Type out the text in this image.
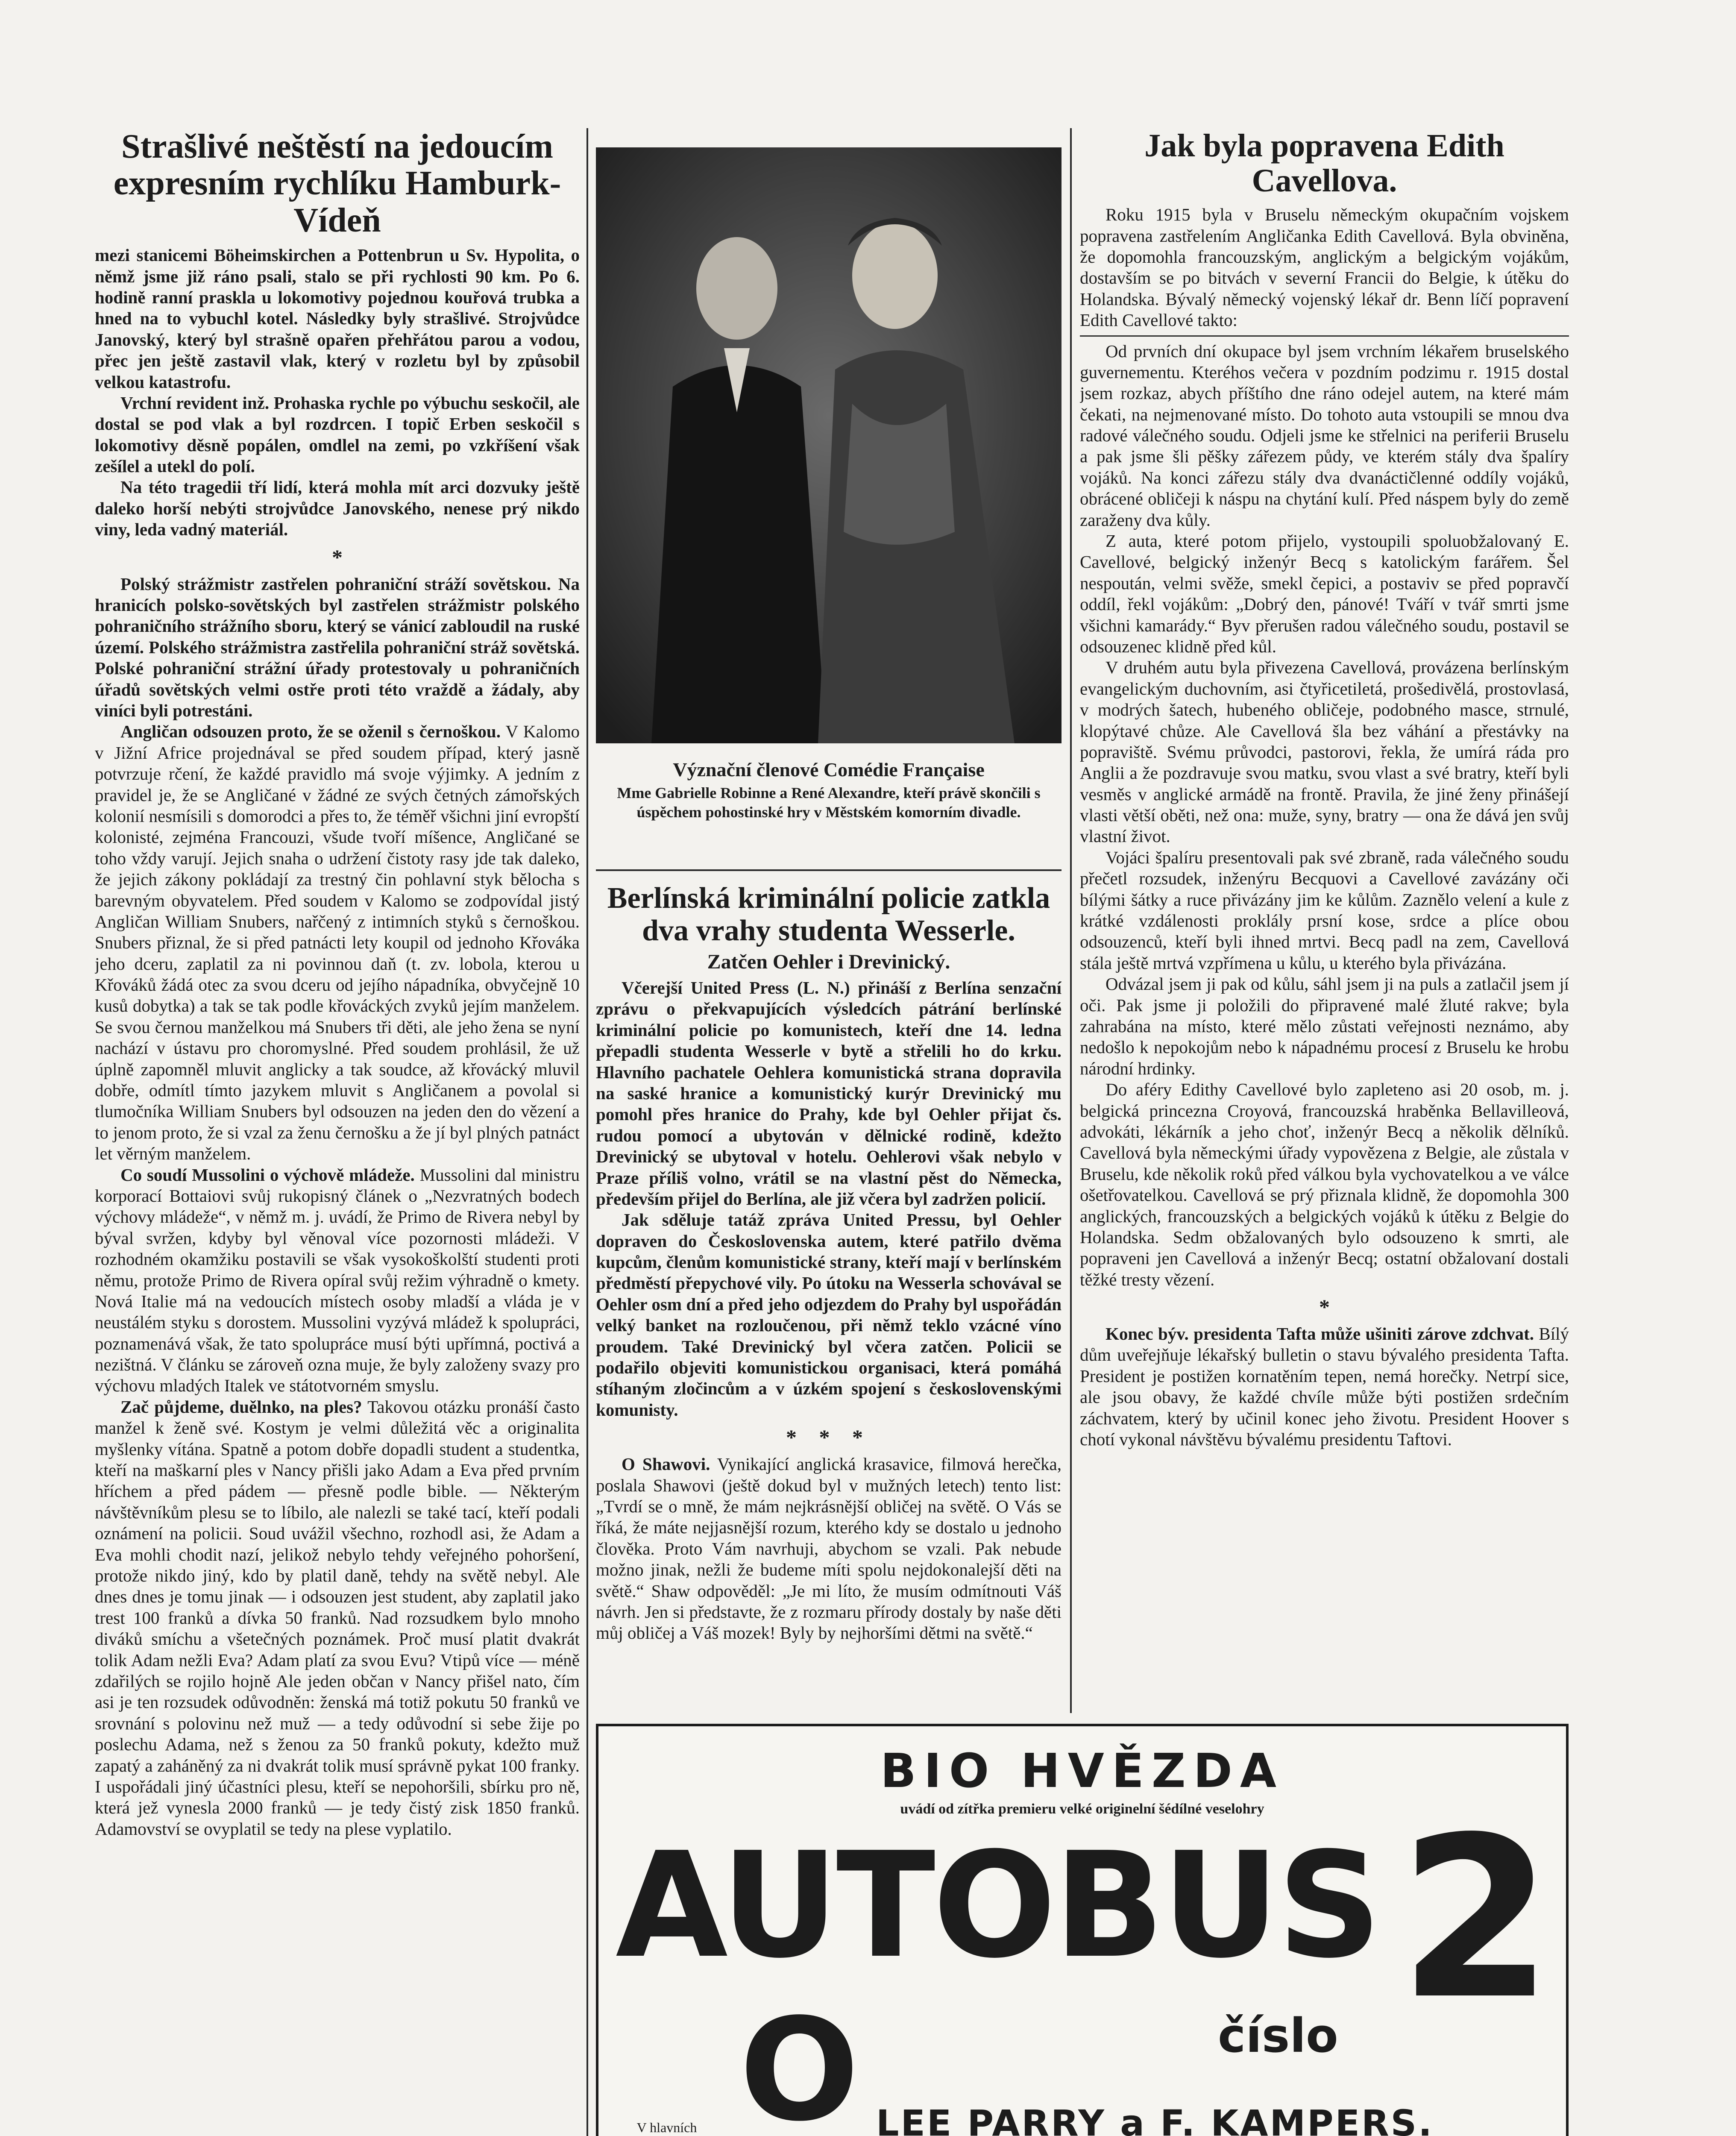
Strašlivé neštěstí na jedoucím expresním rychlíku Hamburk-Vídeň

mezi stanicemi Böheimskirchen a Pottenbrun u Sv. Hypolita, o němž jsme již ráno psali, stalo se při rychlosti 90 km. Po 6. hodině ranní praskla u lokomotivy pojednou kouřová trubka a hned na to vybuchl kotel. Následky byly strašlivé. Strojvůdce Janovský, který byl strašně opařen přehřátou parou a vodou, přec jen ještě zastavil vlak, který v rozletu byl by způsobil velkou katastrofu.

Vrchní revident inž. Prohaska rychle po výbuchu seskočil, ale dostal se pod vlak a byl rozdrcen. I topič Erben seskočil s lokomotivy děsně popálen, omdlel na zemi, po vzkříšení však zešílel a utekl do polí.

Na této tragedii tří lidí, která mohla mít arci dozvuky ještě daleko horší nebýti strojvůdce Janovského, nenese prý nikdo viny, leda vadný materiál.

*

Polský strážmistr zastřelen pohraniční stráží sovětskou. Na hranicích polsko-sovětských byl zastřelen strážmistr polského pohraničního strážního sboru, který se vánicí zabloudil na ruské území. Polského strážmistra zastřelila pohraniční stráž sovětská. Polské pohraniční strážní úřady protestovaly u pohraničních úřadů sovětských velmi ostře proti této vraždě a žádaly, aby viníci byli potrestáni.

Angličan odsouzen proto, že se oženil s černoškou. V Kalomo v Jižní Africe projednával se před soudem případ, který jasně potvrzuje rčení, že každé pravidlo má svoje výjimky. A jedním z pravidel je, že se Angličané v žádné ze svých četných zámořských kolonií nesmísili s domorodci a přes to, že téměř všichni jiní evropští kolonisté, zejména Francouzi, všude tvoří míšence, Angličané se toho vždy varují. Jejich snaha o udržení čistoty rasy jde tak daleko, že jejich zákony pokládají za trestný čin pohlavní styk bělocha s barevným obyvatelem. Před soudem v Kalomo se zodpovídal jistý Angličan William Snubers, nařčený z intimních styků s černoškou. Snubers přiznal, že si před patnácti lety koupil od jednoho Křováka jeho dceru, zaplatil za ni povinnou daň (t. zv. lobola, kterou u Křováků žádá otec za svou dceru od jejího nápadníka, obvyčejně 10 kusů dobytka) a tak se tak podle křováckých zvyků jejím manželem. Se svou černou manželkou má Snubers tři děti, ale jeho žena se nyní nachází v ústavu pro choromyslné. Před soudem prohlásil, že už úplně zapomněl mluvit anglicky a tak soudce, až křovácký mluvil dobře, odmítl tímto jazykem mluvit s Angličanem a povolal si tlumočníka William Snubers byl odsouzen na jeden den do vězení a to jenom proto, že si vzal za ženu černošku a že jí byl plných patnáct let věrným manželem.

Co soudí Mussolini o výchově mládeže. Mussolini dal ministru korporací Bottaiovi svůj rukopisný článek o „Nezvratných bodech výchovy mládeže“, v němž m. j. uvádí, že Primo de Rivera nebyl by býval svržen, kdyby byl věnoval více pozornosti mládeži. V rozhodném okamžiku postavili se však vysokoškolští studenti proti němu, protože Primo de Rivera opíral svůj režim výhradně o kmety. Nová Italie má na vedoucích místech osoby mladší a vláda je v neustálém styku s dorostem. Mussolini vyzývá mládež k spolupráci, poznamenává však, že tato spolupráce musí býti upřímná, poctivá a nezištná. V článku se zároveň ozna muje, že byly založeny svazy pro výchovu mladých Italek ve státotvorném smyslu.

Zač půjdeme, duělnko, na ples? Takovou otázku pronáší často manžel k ženě své. Kostym je velmi důležitá věc a originalita myšlenky vítána. Spatně a potom dobře dopadli student a studentka, kteří na maškarní ples v Nancy přišli jako Adam a Eva před prvním hříchem a před pádem — přesně podle bible. — Některým návštěvníkům plesu se to líbilo, ale nalezli se také tací, kteří podali oznámení na policii. Soud uvážil všechno, rozhodl asi, že Adam a Eva mohli chodit nazí, jelikož nebylo tehdy veřejného pohoršení, protože nikdo jiný, kdo by platil daně, tehdy na světě nebyl. Ale dnes dnes je tomu jinak — i odsouzen jest student, aby zaplatil jako trest 100 franků a dívka 50 franků. Nad rozsudkem bylo mnoho diváků smíchu a všetečných poznámek. Proč musí platit dvakrát tolik Adam nežli Eva? Adam platí za svou Evu? Vtipů více — méně zdařilých se rojilo hojně Ale jeden občan v Nancy přišel nato, čím asi je ten rozsudek odůvodněn: ženská má totiž pokutu 50 franků ve srovnání s polovinu než muž — a tedy odůvodní si sebe žije po poslechu Adama, než s ženou za 50 franků pokuty, kdežto muž zapatý a zaháněný za ni dvakrát tolik musí správně pykat 100 franky. I uspořádali jiný účastníci plesu, kteří se nepohoršili, sbírku pro ně, která jež vynesla 2000 franků — je tedy čistý zisk 1850 franků. Adamovství se ovyplatil se tedy na plese vyplatilo.

Význační členové Comédie Française

Mme Gabrielle Robinne a René Alexandre, kteří právě skončili s úspěchem pohostinské hry v Městském komorním divadle.

Berlínská kriminální policie zatkla dva vrahy studenta Wesserle.

Zatčen Oehler i Drevinický.

Včerejší United Press (L. N.) přináší z Berlína senzační zprávu o překvapujících výsledcích pátrání berlínské kriminální policie po komunistech, kteří dne 14. ledna přepadli studenta Wesserle v bytě a střelili ho do krku. Hlavního pachatele Oehlera komunistická strana dopravila na saské hranice a komunistický kurýr Drevinický mu pomohl přes hranice do Prahy, kde byl Oehler přijat čs. rudou pomocí a ubytován v dělnické rodině, kdežto Drevinický se ubytoval v hotelu. Oehlerovi však nebylo v Praze příliš volno, vrátil se na vlastní pěst do Německa, především přijel do Berlína, ale již včera byl zadržen policií.

Jak sděluje tatáž zpráva United Pressu, byl Oehler dopraven do Československa autem, které patřilo dvěma kupcům, členům komunistické strany, kteří mají v berlínském předměstí přepychové vily. Po útoku na Wesserla schovával se Oehler osm dní a před jeho odjezdem do Prahy byl uspořádán velký banket na rozloučenou, při němž teklo vzácné víno proudem. Také Drevinický byl včera zatčen. Policii se podařilo objeviti komunistickou organisaci, která pomáhá stíhaným zločincům a v úzkém spojení s československými komunisty.

* * *

O Shawovi. Vynikající anglická krasavice, filmová herečka, poslala Shawovi (ještě dokud byl v mužných letech) tento list: „Tvrdí se o mně, že mám nejkrásnější obličej na světě. O Vás se říká, že máte nejjasnější rozum, kterého kdy se dostalo u jednoho člověka. Proto Vám navrhuji, abychom se vzali. Pak nebude možno jinak, nežli že budeme míti spolu nejdokonalejší děti na světě.“ Shaw odpověděl: „Je mi líto, že musím odmítnouti Váš návrh. Jen si představte, že z rozmaru přírody dostaly by naše děti můj obličej a Váš mozek! Byly by nejhoršími dětmi na světě.“

Jak byla popravena Edith Cavellova.

Roku 1915 byla v Bruselu německým okupačním vojskem popravena zastřelením Angličanka Edith Cavellová. Byla obviněna, že dopomohla francouzským, anglickým a belgickým vojákům, dostavším se po bitvách v severní Francii do Belgie, k útěku do Holandska. Bývalý německý vojenský lékař dr. Benn líčí popravení Edith Cavellové takto:

Od prvních dní okupace byl jsem vrchním lékařem bruselského guvernementu. Kteréhos večera v pozdním podzimu r. 1915 dostal jsem rozkaz, abych příštího dne ráno odejel autem, na které mám čekati, na nejmenované místo. Do tohoto auta vstoupili se mnou dva radové válečného soudu. Odjeli jsme ke střelnici na periferii Bruselu a pak jsme šli pěšky zářezem půdy, ve kterém stály dva špalíry vojáků. Na konci zářezu stály dva dvanáctičlenné oddíly vojáků, obrácené obličeji k náspu na chytání kulí. Před náspem byly do země zaraženy dva kůly.

Z auta, které potom přijelo, vystoupili spoluobžalovaný E. Cavellové, belgický inženýr Becq s katolickým farářem. Šel nespoután, velmi svěže, smekl čepici, a postaviv se před popravčí oddíl, řekl vojákům: „Dobrý den, pánové! Tváří v tvář smrti jsme všichni kamarády.“ Byv přerušen radou válečného soudu, postavil se odsouzenec klidně před kůl.

V druhém autu byla přivezena Cavellová, provázena berlínským evangelickým duchovním, asi čtyřicetiletá, prošedivělá, prostovlasá, v modrých šatech, hubeného obličeje, podobného masce, strnulé, klopýtavé chůze. Ale Cavellová šla bez váhání a přestávky na popraviště. Svému průvodci, pastorovi, řekla, že umírá ráda pro Anglii a že pozdravuje svou matku, svou vlast a své bratry, kteří byli vesměs v anglické armádě na frontě. Pravila, že jiné ženy přinášejí vlasti větší oběti, než ona: muže, syny, bratry — ona že dává jen svůj vlastní život.

Vojáci špalíru presentovali pak své zbraně, rada válečného soudu přečetl rozsudek, inženýru Becquovi a Cavellové zavázány oči bílými šátky a ruce přivázány jim ke kůlům. Zaznělo velení a kule z krátké vzdálenosti proklály prsní kose, srdce a plíce obou odsouzenců, kteří byli ihned mrtvi. Becq padl na zem, Cavellová stála ještě mrtvá vzpřímena u kůlu, u kterého byla přivázána.

Odvázal jsem ji pak od kůlu, sáhl jsem ji na puls a zatlačil jsem jí oči. Pak jsme ji položili do připravené malé žluté rakve; byla zahrabána na místo, které mělo zůstati veřejnosti neznámo, aby nedošlo k nepokojům nebo k nápadnému procesí z Bruselu ke hrobu národní hrdinky.

Do aféry Edithy Cavellové bylo zapleteno asi 20 osob, m. j. belgická princezna Croyová, francouzská hraběnka Bellavilleová, advokáti, lékárník a jeho choť, inženýr Becq a několik dělníků. Cavellová byla německými úřady vypovězena z Belgie, ale zůstala v Bruselu, kde několik roků před válkou byla vychovatelkou a ve válce ošetřovatelkou. Cavellová se prý přiznala klidně, že dopomohla 300 anglických, francouzských a belgických vojáků k útěku z Belgie do Holandska. Sedm obžalovaných bylo odsouzeno k smrti, ale popraveni jen Cavellová a inženýr Becq; ostatní obžalovaní dostali těžké tresty vězení.

*

Konec býv. presidenta Tafta může ušiniti zárove zdchvat. Bílý dům uveřejňuje lékařský bulletin o stavu bývalého presidenta Tafta. President je postižen kornatěním tepen, nemá horečky. Netrpí sice, ale jsou obavy, že každé chvíle může býti postižen srdečním záchvatem, který by učinil konec jeho životu. President Hoover s chotí vykonal návštěvu bývalému presidentu Taftovi.

BIO HVĚZDA
uvádí od zítřka premieru velké originelní šédílné veselohry
AUTOBUS 2
číslo
O
V hlavních	LEE PARRY a F. KAMPERS.
